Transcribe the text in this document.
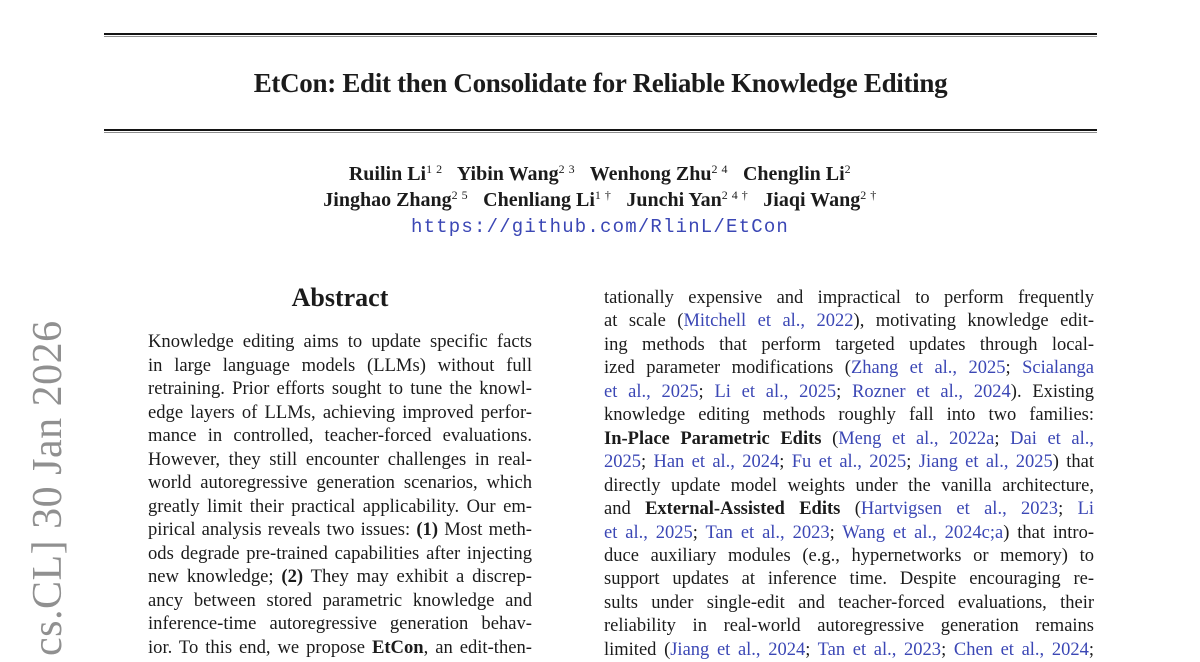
cs.CL] 30 Jan 2026
EtCon: Edit then Consolidate for Reliable Knowledge Editing
Ruilin $Li^{1 2}$   Yibin Wang$^{2 3}$   Wenhong Zhu$^{2 4}$   Chenglin Li$^2$
Jinghao Zhang$^{2 5}$   Chenliang $Li^{1 \dagger}$   Junchi Yan$^{2 4 \dagger}$   Jiaqi Wang$^{2 \dagger}$
https://github.com/RlinL/EtCon
Abstract
Knowledge editing aims to update specific facts
in large language models (LLMs) without full
retraining. Prior efforts sought to tune the knowl-
edge layers of LLMs, achieving improved perfor-
mance in controlled, teacher-forced evaluations.
However, they still encounter challenges in real-
world autoregressive generation scenarios, which
greatly limit their practical applicability. Our em-
pirical analysis reveals two issues: (1) Most meth-
ods degrade pre-trained capabilities after injecting
new knowledge; (2) They may exhibit a discrep-
ancy between stored parametric knowledge and
inference-time autoregressive generation behav-
ior. To this end, we propose EtCon, an edit-then-
tationally expensive and impractical to perform frequently
at scale (Mitchell et al., 2022), motivating knowledge edit-
ing methods that perform targeted updates through local-
ized parameter modifications (Zhang et al., 2025; Scialanga
et al., 2025; Li et al., 2025; Rozner et al., 2024). Existing
knowledge editing methods roughly fall into two families:
In-Place Parametric Edits (Meng et al., 2022a; Dai et al.,
2025; Han et al., 2024; Fu et al., 2025; Jiang et al., 2025) that
directly update model weights under the vanilla architecture,
and External-Assisted Edits (Hartvigsen et al., 2023; Li
et al., 2025; Tan et al., 2023; Wang et al., 2024c;a) that intro-
duce auxiliary modules (e.g., hypernetworks or memory) to
support updates at inference time. Despite encouraging re-
sults under single-edit and teacher-forced evaluations, their
reliability in real-world autoregressive generation remains
limited (Jiang et al., 2024; Tan et al., 2023; Chen et al., 2024;
